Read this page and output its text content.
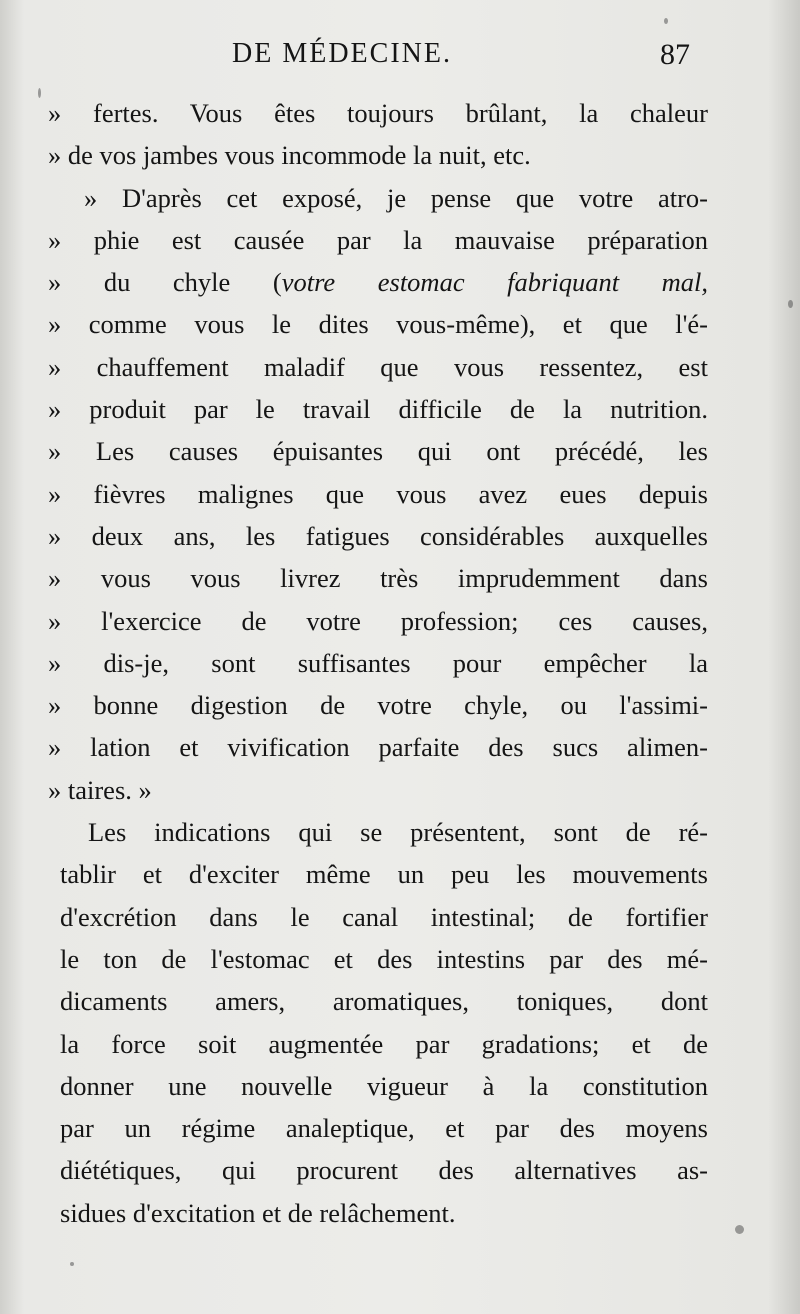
DE MÉDECINE.	87
» fertes. Vous êtes toujours brûlant, la chaleur
» de vos jambes vous incommode la nuit, etc.
» D'après cet exposé, je pense que votre atro-
» phie est causée par la mauvaise préparation
» du chyle (votre estomac fabriquant mal,
» comme vous le dites vous-même), et que l'é-
» chauffement maladif que vous ressentez, est
» produit par le travail difficile de la nutrition.
» Les causes épuisantes qui ont précédé, les
» fièvres malignes que vous avez eues depuis
» deux ans, les fatigues considérables auxquelles
» vous vous livrez très imprudemment dans
» l'exercice de votre profession; ces causes,
» dis-je, sont suffisantes pour empêcher la
» bonne digestion de votre chyle, ou l'assimi-
» lation et vivification parfaite des sucs alimen-
» taires. »
Les indications qui se présentent, sont de ré-
tablir et d'exciter même un peu les mouvements
d'excrétion dans le canal intestinal; de fortifier
le ton de l'estomac et des intestins par des mé-
dicaments amers, aromatiques, toniques, dont
la force soit augmentée par gradations; et de
donner une nouvelle vigueur à la constitution
par un régime analeptique, et par des moyens
diététiques, qui procurent des alternatives as-
sidues d'excitation et de relâchement.
